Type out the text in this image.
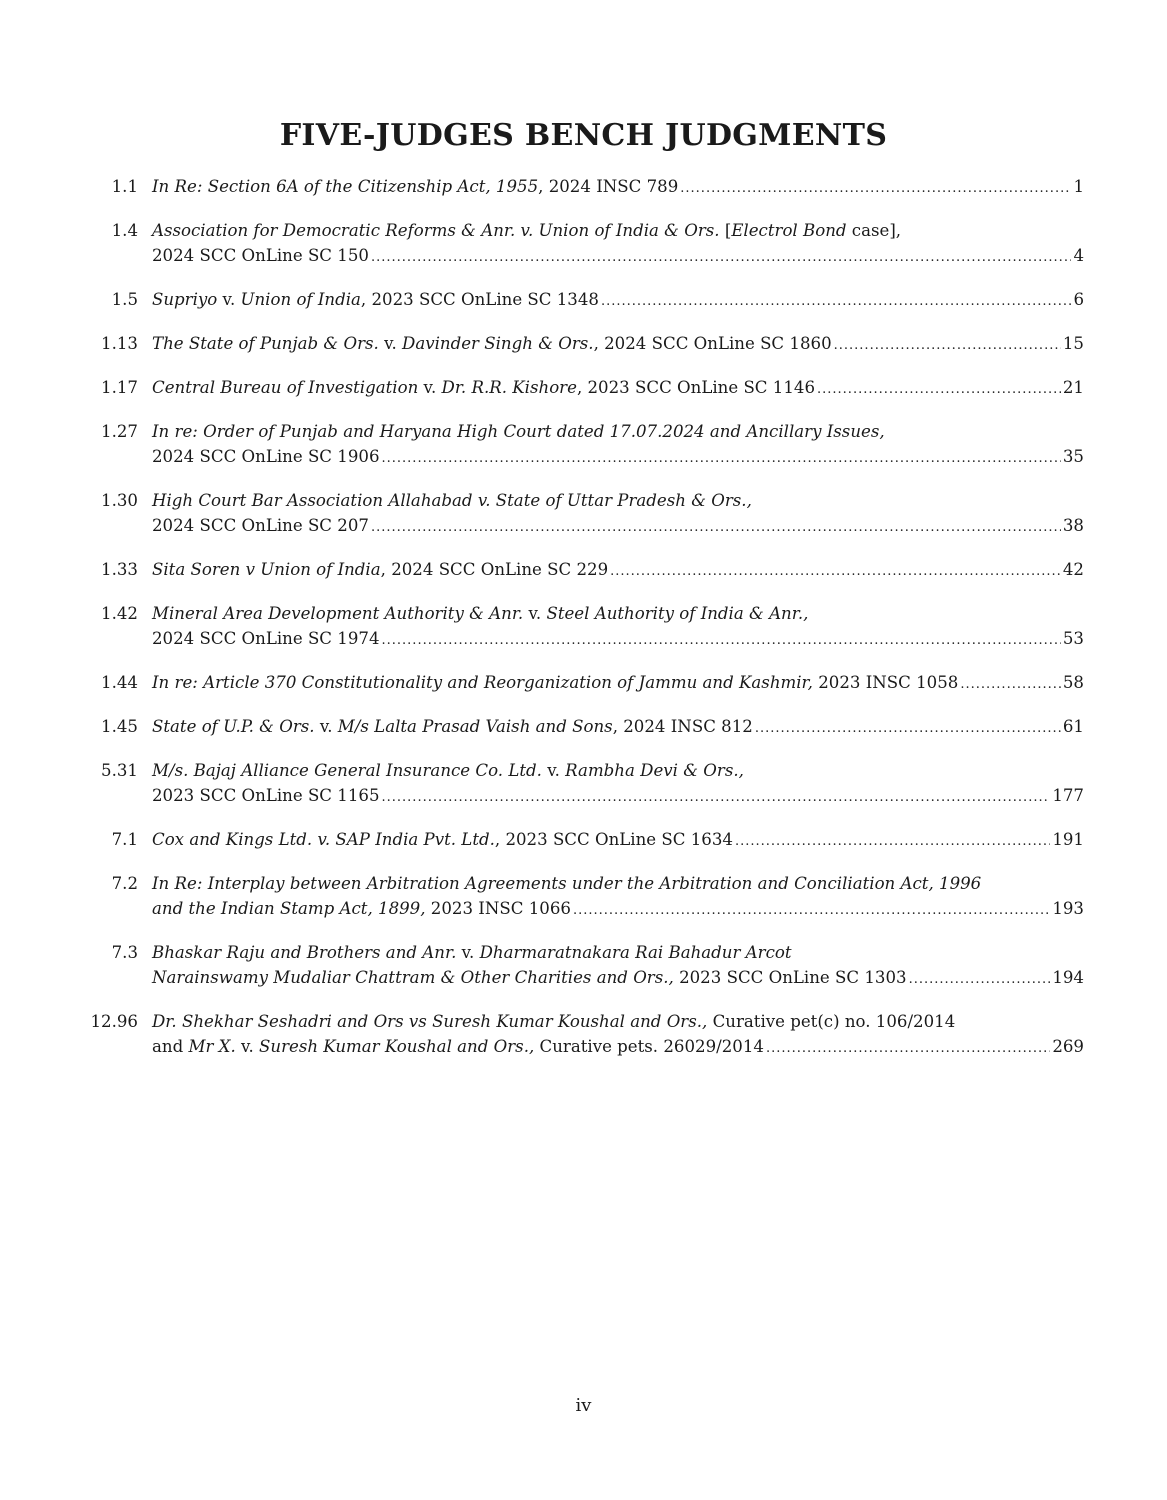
FIVE-JUDGES BENCH JUDGMENTS
1.1 In Re: Section 6A of the Citizenship Act, 1955, 2024 INSC 789 .....	1
1.4 Association for Democratic Reforms & Anr. v. Union of India & Ors. [Electrol Bond case],
2024 SCC OnLine SC 150 .....	4
1.5 Supriyo v. Union of India, 2023 SCC OnLine SC 1348 .....	6
1.13 The State of Punjab & Ors. v. Davinder Singh & Ors., 2024 SCC OnLine SC 1860 .....	15
1.17 Central Bureau of Investigation v. Dr. R.R. Kishore, 2023 SCC OnLine SC 1146 .....	21
1.27 In re: Order of Punjab and Haryana High Court dated 17.07.2024 and Ancillary Issues,
2024 SCC OnLine SC 1906 .....	35
1.30 High Court Bar Association Allahabad v. State of Uttar Pradesh & Ors.,
2024 SCC OnLine SC 207 .....	38
1.33 Sita Soren v Union of India, 2024 SCC OnLine SC 229 .....	42
1.42 Mineral Area Development Authority & Anr. v. Steel Authority of India & Anr.,
2024 SCC OnLine SC 1974 .....	53
1.44 In re: Article 370 Constitutionality and Reorganization of Jammu and Kashmir, 2023 INSC 1058 .....	58
1.45 State of U.P. & Ors. v. M/s Lalta Prasad Vaish and Sons, 2024 INSC 812 .....	61
5.31 M/s. Bajaj Alliance General Insurance Co. Ltd. v. Rambha Devi & Ors.,
2023 SCC OnLine SC 1165 .....	177
7.1 Cox and Kings Ltd. v. SAP India Pvt. Ltd., 2023 SCC OnLine SC 1634 .....	191
7.2 In Re: Interplay between Arbitration Agreements under the Arbitration and Conciliation Act, 1996
and the Indian Stamp Act, 1899, 2023 INSC 1066 .....	193
7.3 Bhaskar Raju and Brothers and Anr. v. Dharmaratnakara Rai Bahadur Arcot
Narainswamy Mudaliar Chattram & Other Charities and Ors., 2023 SCC OnLine SC 1303 .....	194
12.96 Dr. Shekhar Seshadri and Ors vs Suresh Kumar Koushal and Ors., Curative pet(c) no. 106/2014
and Mr X. v. Suresh Kumar Koushal and Ors., Curative pets. 26029/2014 .....	269
iv
